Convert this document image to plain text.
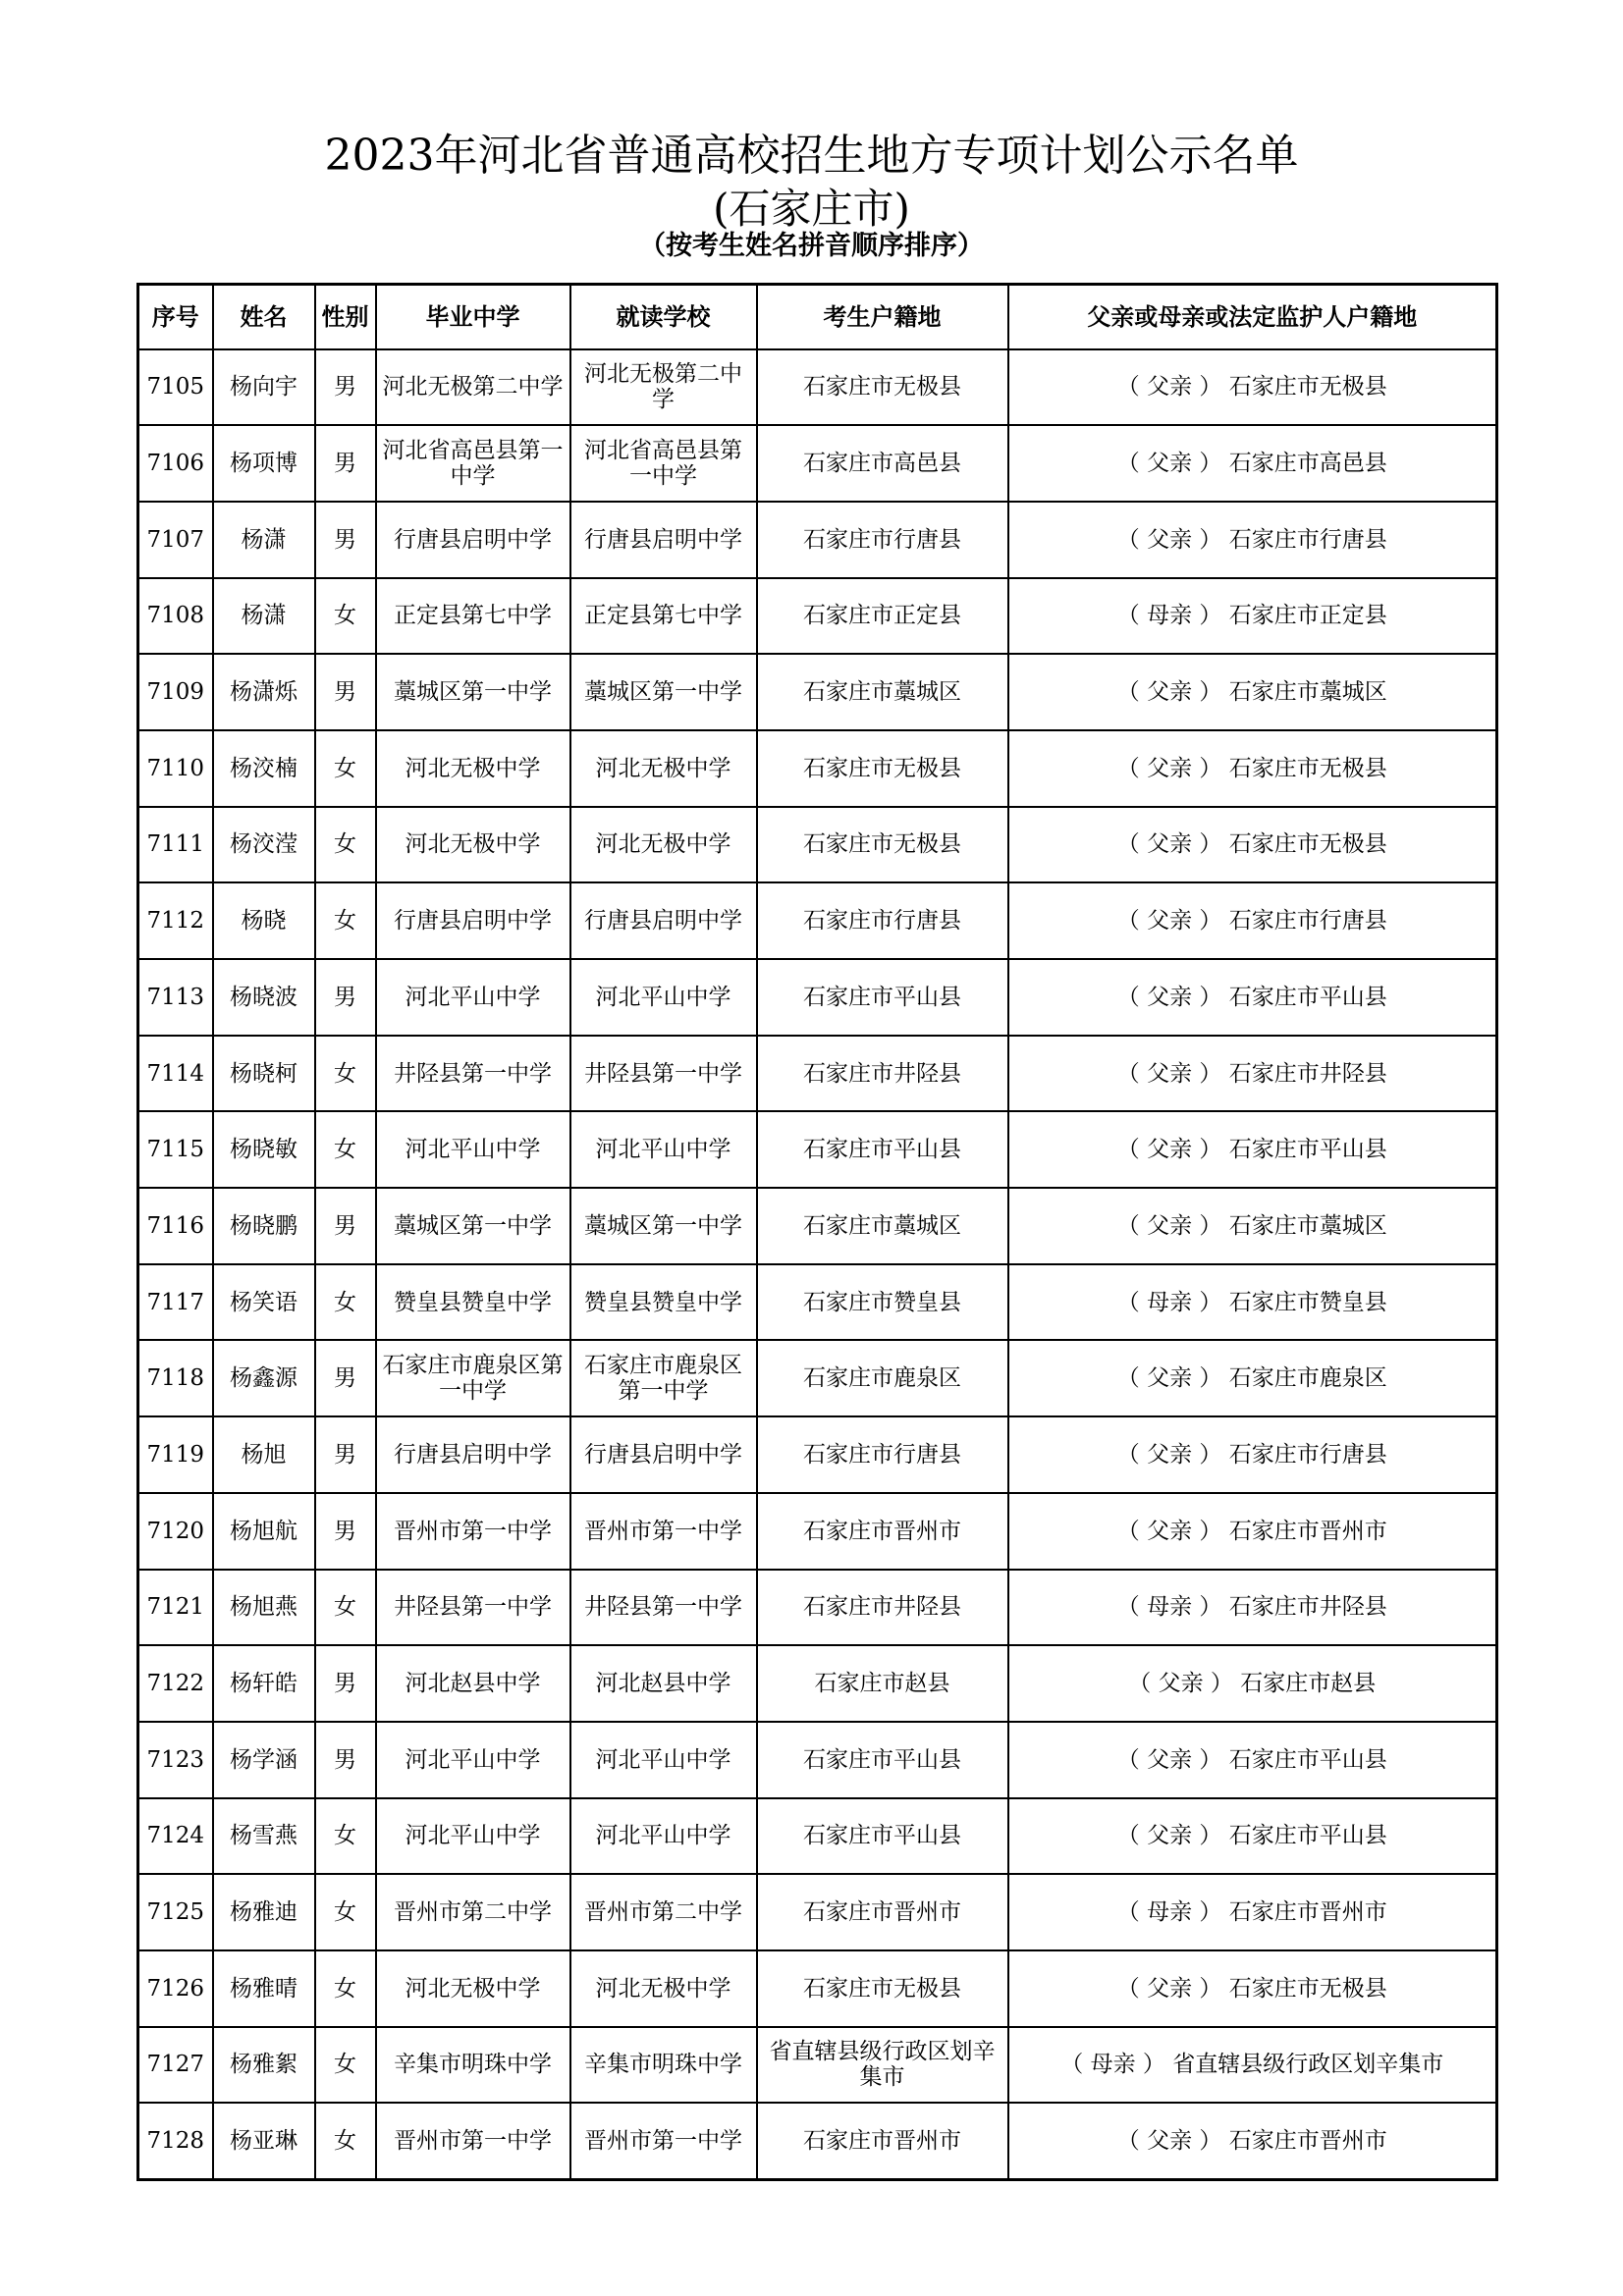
2023年河北省普通高校招生地方专项计划公示名单
(石家庄市)
（按考生姓名拼音顺序排序）
序号	姓名	性别	毕业中学	就读学校	考生户籍地	父亲或母亲或法定监护人户籍地
7105	杨向宇	男	河北无极第二中学	河北无极第二中学	石家庄市无极县	（ 父亲 ） 石家庄市无极县
7106	杨项博	男	河北省高邑县第一中学	河北省高邑县第一中学	石家庄市高邑县	（ 父亲 ） 石家庄市高邑县
7107	杨潇	男	行唐县启明中学	行唐县启明中学	石家庄市行唐县	（ 父亲 ） 石家庄市行唐县
7108	杨潇	女	正定县第七中学	正定县第七中学	石家庄市正定县	（ 母亲 ） 石家庄市正定县
7109	杨潇烁	男	藁城区第一中学	藁城区第一中学	石家庄市藁城区	（ 父亲 ） 石家庄市藁城区
7110	杨洨楠	女	河北无极中学	河北无极中学	石家庄市无极县	（ 父亲 ） 石家庄市无极县
7111	杨洨滢	女	河北无极中学	河北无极中学	石家庄市无极县	（ 父亲 ） 石家庄市无极县
7112	杨晓	女	行唐县启明中学	行唐县启明中学	石家庄市行唐县	（ 父亲 ） 石家庄市行唐县
7113	杨晓波	男	河北平山中学	河北平山中学	石家庄市平山县	（ 父亲 ） 石家庄市平山县
7114	杨晓柯	女	井陉县第一中学	井陉县第一中学	石家庄市井陉县	（ 父亲 ） 石家庄市井陉县
7115	杨晓敏	女	河北平山中学	河北平山中学	石家庄市平山县	（ 父亲 ） 石家庄市平山县
7116	杨晓鹏	男	藁城区第一中学	藁城区第一中学	石家庄市藁城区	（ 父亲 ） 石家庄市藁城区
7117	杨笑语	女	赞皇县赞皇中学	赞皇县赞皇中学	石家庄市赞皇县	（ 母亲 ） 石家庄市赞皇县
7118	杨鑫源	男	石家庄市鹿泉区第一中学	石家庄市鹿泉区第一中学	石家庄市鹿泉区	（ 父亲 ） 石家庄市鹿泉区
7119	杨旭	男	行唐县启明中学	行唐县启明中学	石家庄市行唐县	（ 父亲 ） 石家庄市行唐县
7120	杨旭航	男	晋州市第一中学	晋州市第一中学	石家庄市晋州市	（ 父亲 ） 石家庄市晋州市
7121	杨旭燕	女	井陉县第一中学	井陉县第一中学	石家庄市井陉县	（ 母亲 ） 石家庄市井陉县
7122	杨轩皓	男	河北赵县中学	河北赵县中学	石家庄市赵县	（ 父亲 ） 石家庄市赵县
7123	杨学涵	男	河北平山中学	河北平山中学	石家庄市平山县	（ 父亲 ） 石家庄市平山县
7124	杨雪燕	女	河北平山中学	河北平山中学	石家庄市平山县	（ 父亲 ） 石家庄市平山县
7125	杨雅迪	女	晋州市第二中学	晋州市第二中学	石家庄市晋州市	（ 母亲 ） 石家庄市晋州市
7126	杨雅晴	女	河北无极中学	河北无极中学	石家庄市无极县	（ 父亲 ） 石家庄市无极县
7127	杨雅絮	女	辛集市明珠中学	辛集市明珠中学	省直辖县级行政区划辛集市	（ 母亲 ） 省直辖县级行政区划辛集市
7128	杨亚琳	女	晋州市第一中学	晋州市第一中学	石家庄市晋州市	（ 父亲 ） 石家庄市晋州市
